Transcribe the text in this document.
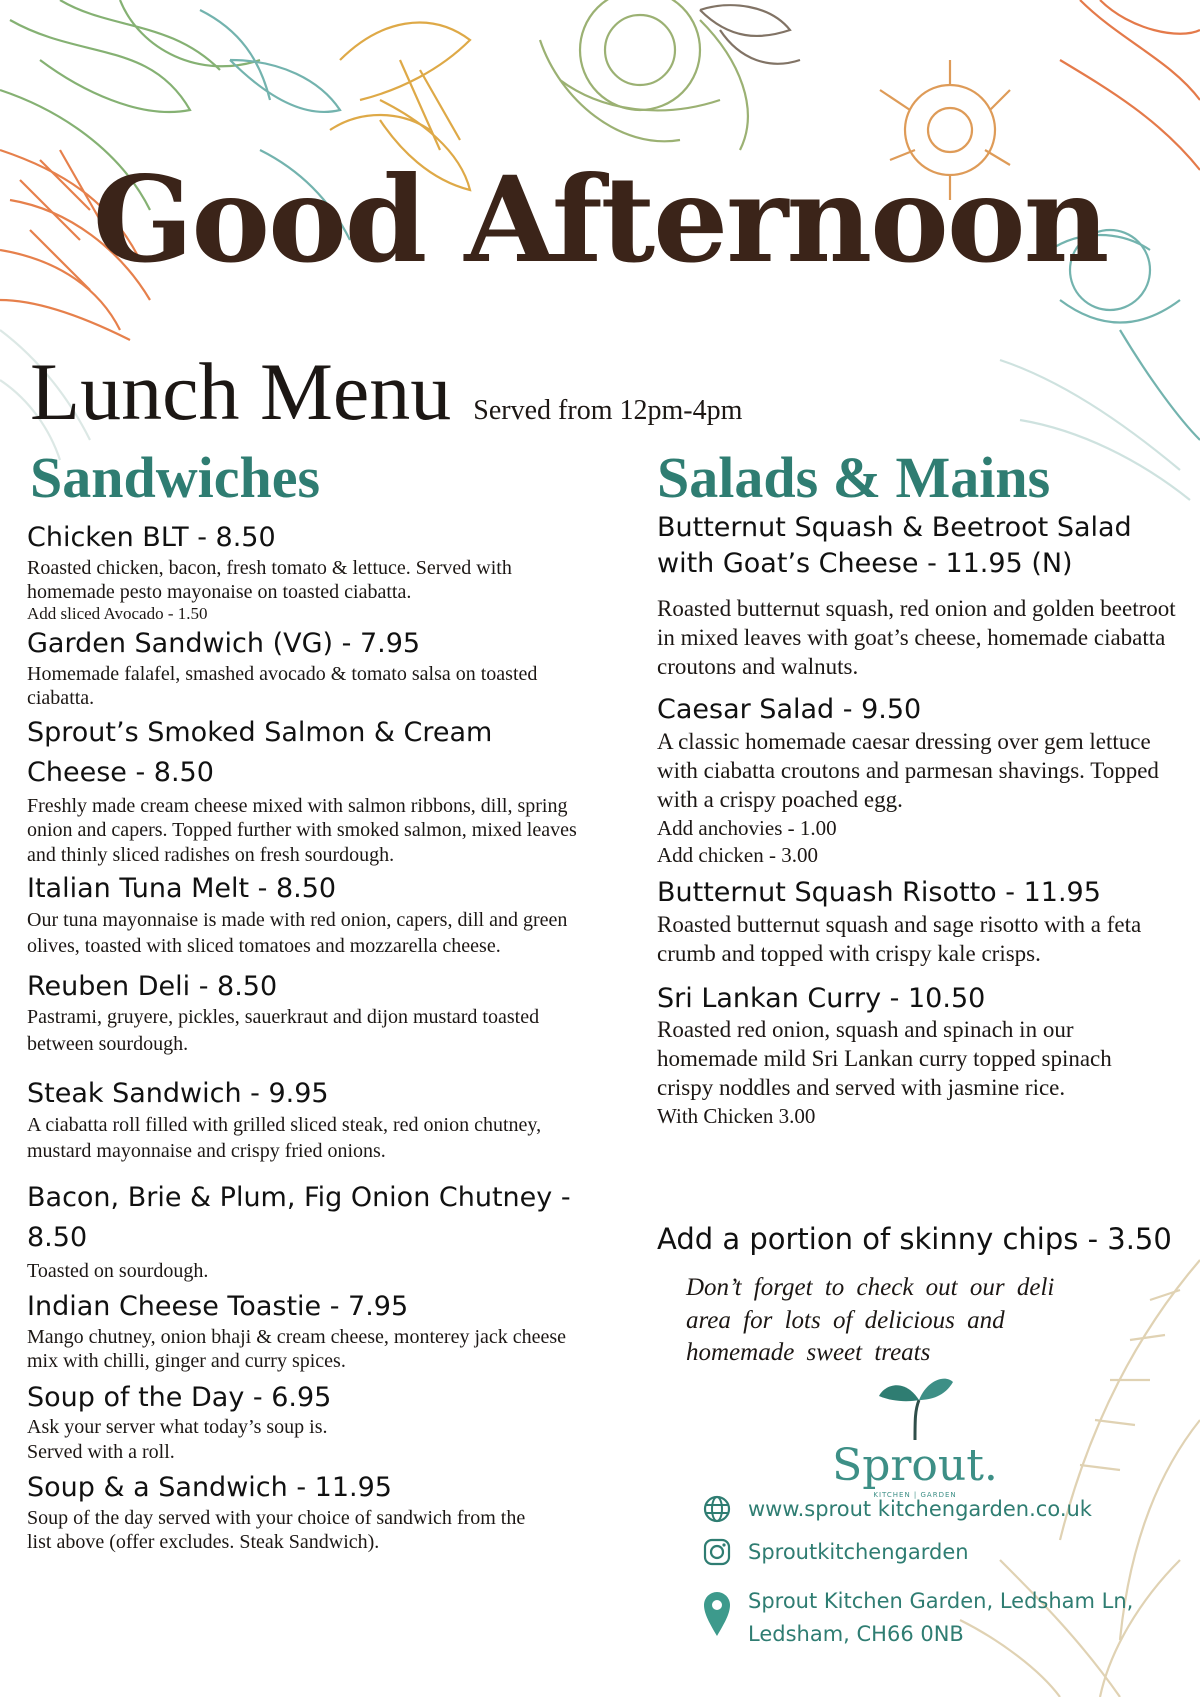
Good Afternoon
Lunch Menu Served from 12pm-4pm
Sandwiches	Salads & Mains

Chicken BLT - 8.50

Roasted chicken, bacon, fresh tomato & lettuce. Served with homemade pesto mayonaise on toasted ciabatta.

Add sliced Avocado - 1.50

Garden Sandwich (VG) - 7.95

Homemade falafel, smashed avocado & tomato salsa on toasted ciabatta.

Sprout’s Smoked Salmon & Cream Cheese - 8.50

Freshly made cream cheese mixed with salmon ribbons, dill, spring onion and capers. Topped further with smoked salmon, mixed leaves and thinly sliced radishes on fresh sourdough.

Italian Tuna Melt - 8.50

Our tuna mayonnaise is made with red onion, capers, dill and green olives, toasted with sliced tomatoes and mozzarella cheese.

Reuben Deli - 8.50

Pastrami, gruyere, pickles, sauerkraut and dijon mustard toasted between sourdough.

Steak Sandwich - 9.95

A ciabatta roll filled with grilled sliced steak, red onion chutney, mustard mayonnaise and crispy fried onions.

Bacon, Brie & Plum, Fig Onion Chutney - 8.50

Toasted on sourdough.

Indian Cheese Toastie - 7.95

Mango chutney, onion bhaji & cream cheese, monterey jack cheese mix with chilli, ginger and curry spices.

Soup of the Day - 6.95

Ask your server what today’s soup is. Served with a roll.

Soup & a Sandwich - 11.95

Soup of the day served with your choice of sandwich from the list above (offer excludes. Steak Sandwich).

Butternut Squash & Beetroot Salad with Goat’s Cheese - 11.95 (N)

Roasted butternut squash, red onion and golden beetroot in mixed leaves with goat’s cheese, homemade ciabatta croutons and walnuts.

Caesar Salad - 9.50

A classic homemade caesar dressing over gem lettuce with ciabatta croutons and parmesan shavings. Topped with a crispy poached egg.

Add anchovies - 1.00

Add chicken - 3.00

Butternut Squash Risotto - 11.95

Roasted butternut squash and sage risotto with a feta crumb and topped with crispy kale crisps.

Sri Lankan Curry - 10.50

Roasted red onion, squash and spinach in our homemade mild Sri Lankan curry topped spinach crispy noddles and served with jasmine rice.

With Chicken 3.00

Add a portion of skinny chips - 3.50
Don’t forget to check out our deli area for lots of delicious and homemade sweet treats
Sprout.
KITCHEN | GARDEN
www.sprout kitchengarden.co.uk
Sproutkitchengarden
Sprout Kitchen Garden, Ledsham Ln,
Ledsham, CH66 0NB
